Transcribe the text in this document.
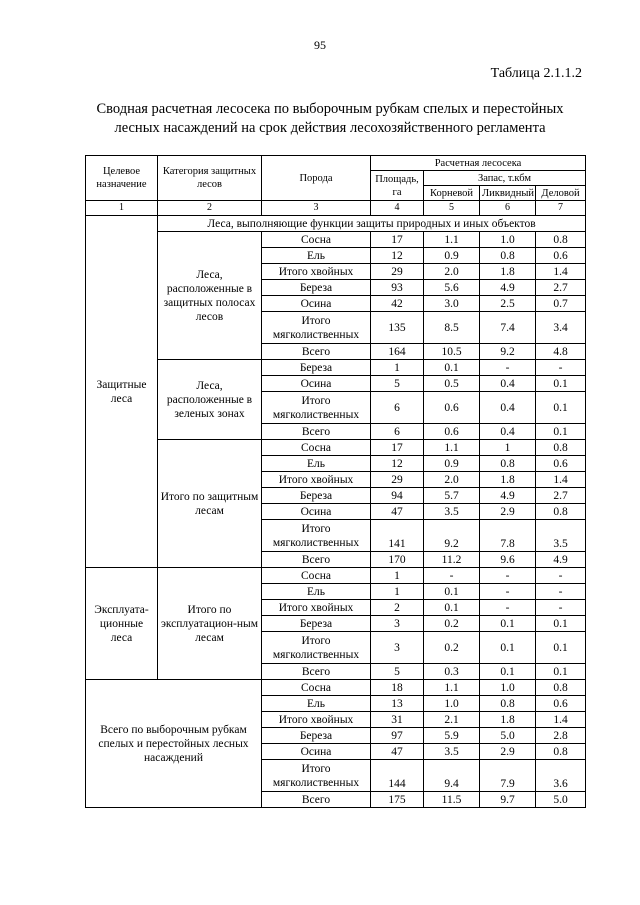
95
Таблица 2.1.1.2
Сводная расчетная лесосека по выборочным рубкам спелых и перестойных
лесных насаждений на срок действия лесохозяйственного регламента
Целевое назначение	Категория защитных лесов	Порода	Расчетная лесосека			
			Площадь, га	Запас, т.кбм		
				Корневой	Ликвидный	Деловой
1	2	3	4	5	6	7
Защитные леса	Леса, выполняющие функции защиты природных и иных объектов					
	Леса, расположенные в защитных полосах лесов	Сосна	17	1.1	1.0	0.8
		Ель	12	0.9	0.8	0.6
		Итого хвойных	29	2.0	1.8	1.4
		Береза	93	5.6	4.9	2.7
		Осина	42	3.0	2.5	0.7
		Итого мягколиственных	135	8.5	7.4	3.4
		Всего	164	10.5	9.2	4.8
	Леса, расположенные в зеленых зонах	Береза	1	0.1	-	-
		Осина	5	0.5	0.4	0.1
		Итого мягколиственных	6	0.6	0.4	0.1
		Всего	6	0.6	0.4	0.1
	Итого по защитным лесам	Сосна	17	1.1	1	0.8
		Ель	12	0.9	0.8	0.6
		Итого хвойных	29	2.0	1.8	1.4
		Береза	94	5.7	4.9	2.7
		Осина	47	3.5	2.9	0.8
		Итого мягколиственных	141	9.2	7.8	3.5
		Всего	170	11.2	9.6	4.9
Эксплуата-ционные леса	Итого по эксплуатацион-ным лесам	Сосна	1	-	-	-
		Ель	1	0.1	-	-
		Итого хвойных	2	0.1	-	-
		Береза	3	0.2	0.1	0.1
		Итого мягколиственных	3	0.2	0.1	0.1
		Всего	5	0.3	0.1	0.1
Всего по выборочным рубкам спелых и перестойных лесных насаждений		Сосна	18	1.1	1.0	0.8
		Ель	13	1.0	0.8	0.6
		Итого хвойных	31	2.1	1.8	1.4
		Береза	97	5.9	5.0	2.8
		Осина	47	3.5	2.9	0.8
		Итого мягколиственных	144	9.4	7.9	3.6
		Всего	175	11.5	9.7	5.0
